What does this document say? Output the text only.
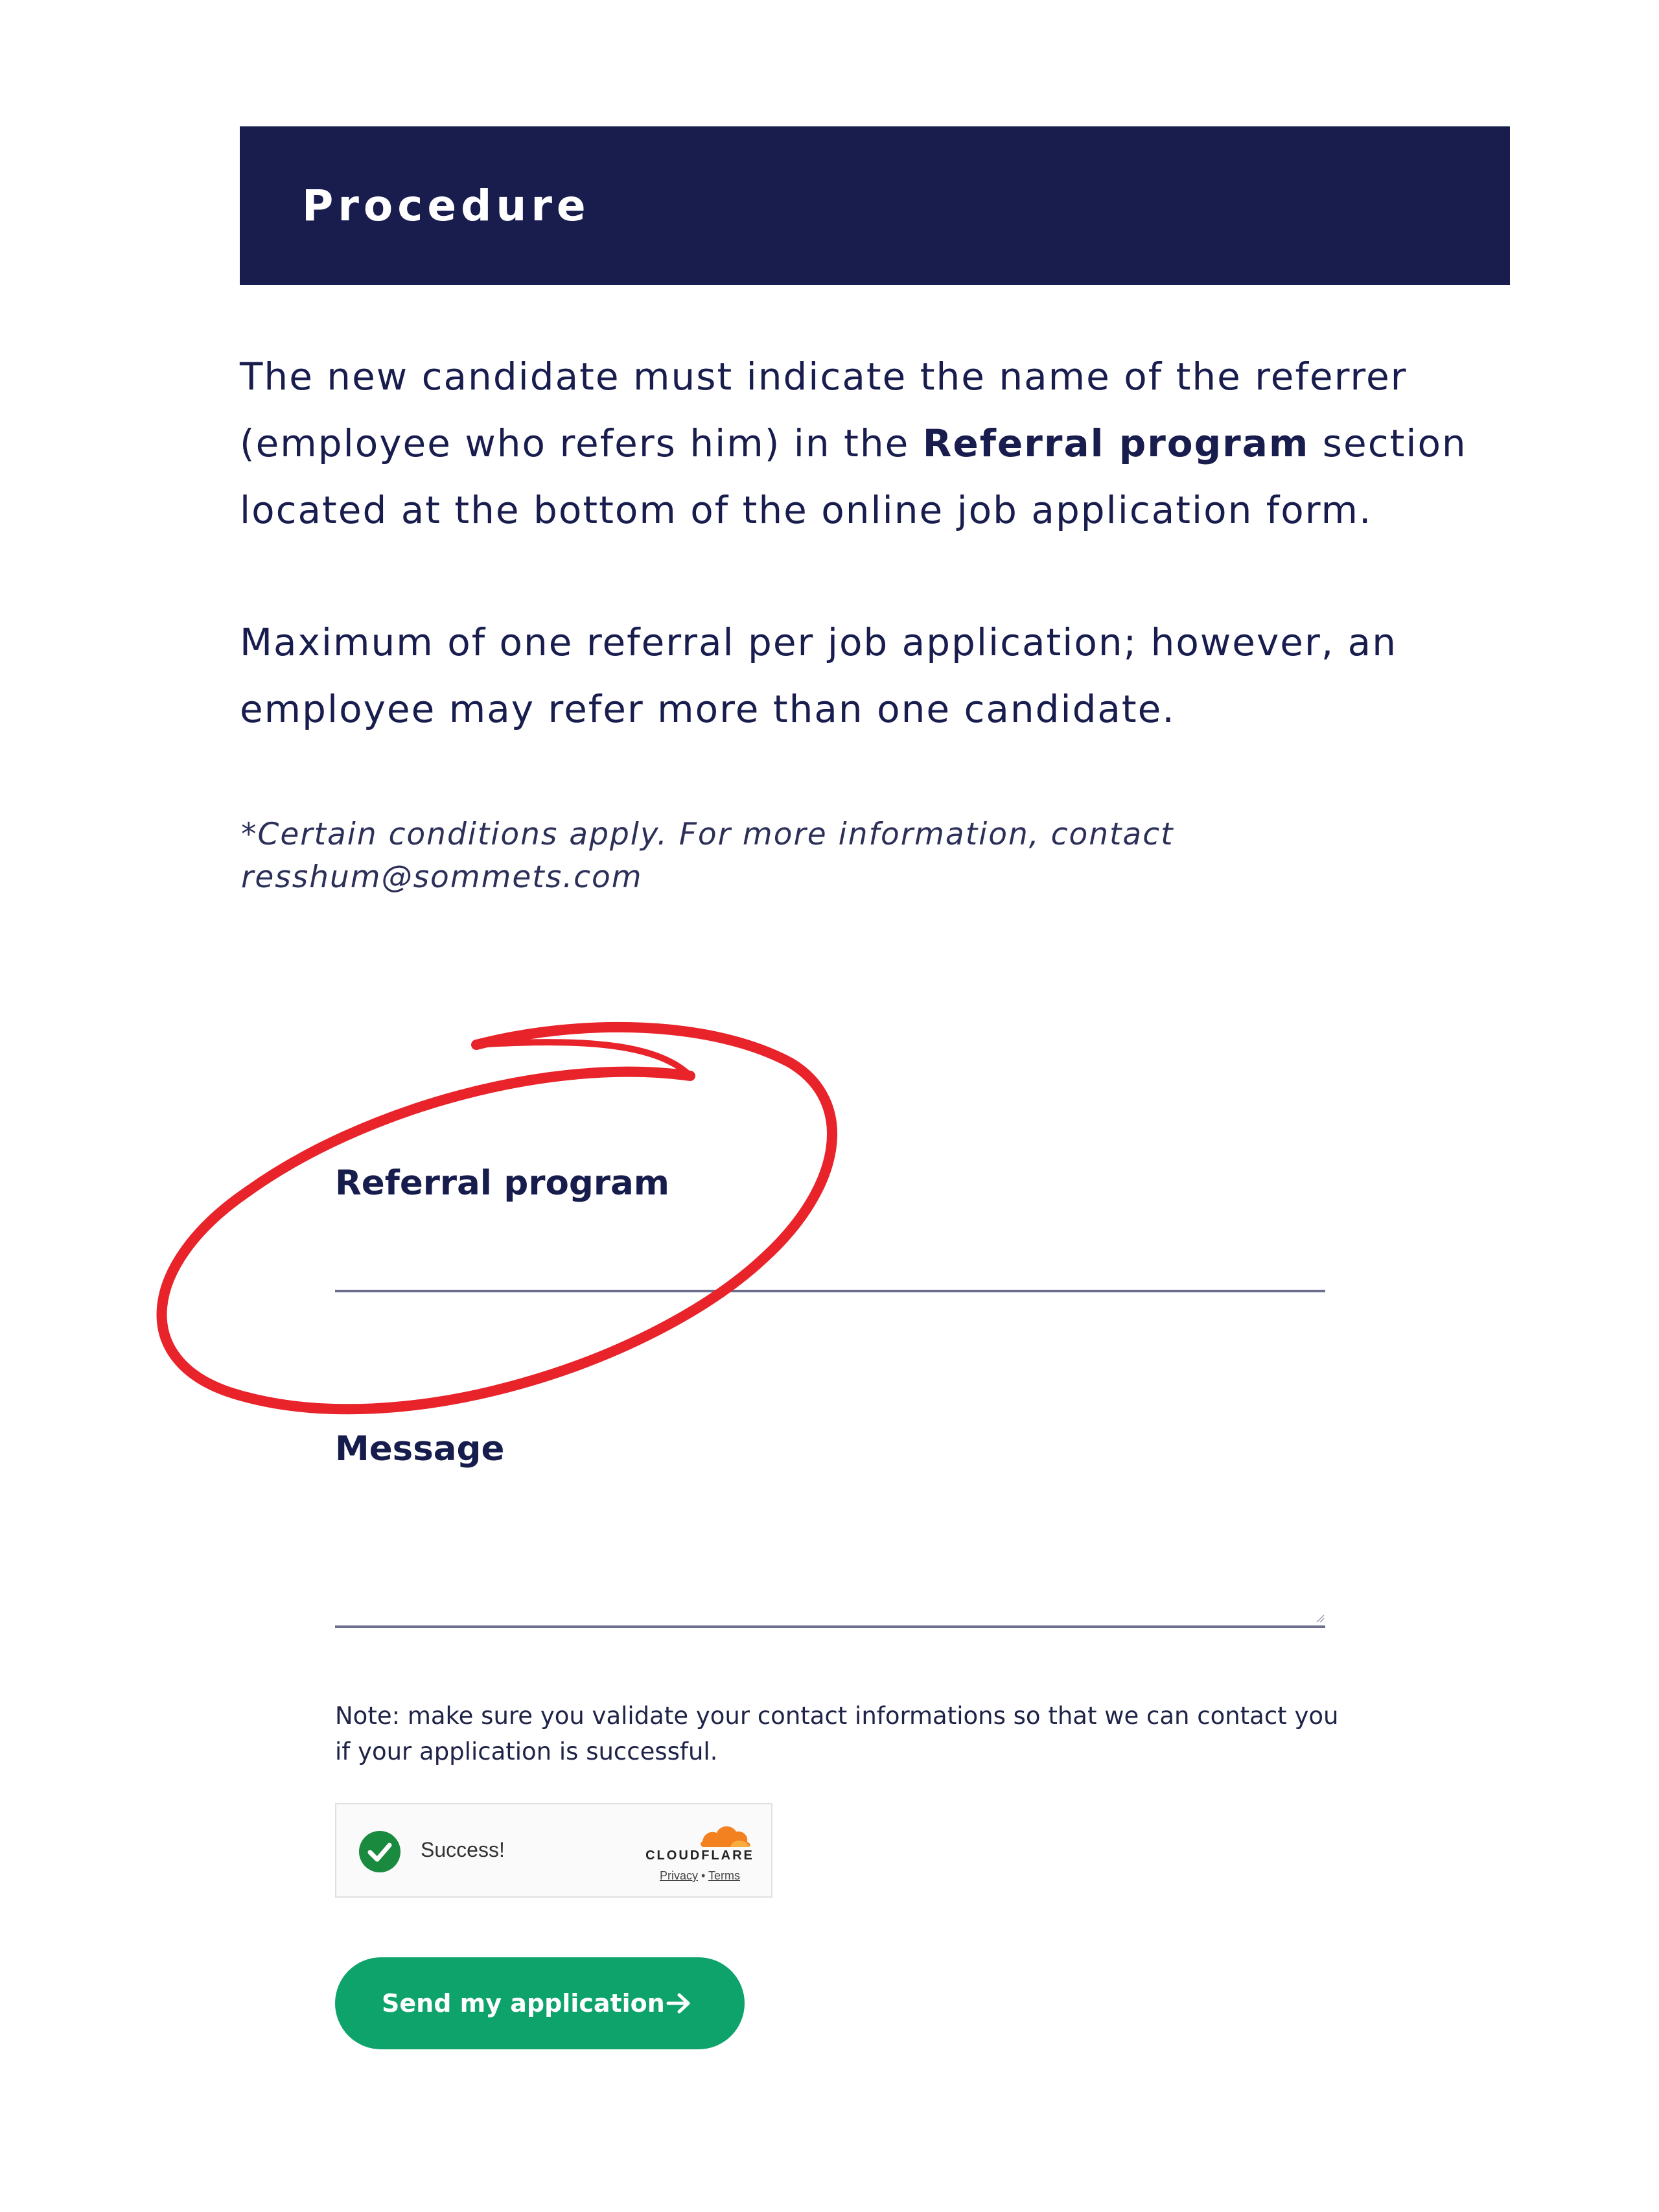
Procedure

The new candidate must indicate the name of the referrer (employee who refers him) in the Referral program section located at the bottom of the online job application form.

Maximum of one referral per job application; however, an employee may refer more than one candidate.

*Certain conditions apply. For more information, contact
resshum@sommets.com
Referral program
Message
Note: make sure you validate your contact informations so that we can contact you
if your application is successful.
Success!	CLOUDFLARE
Privacy • Terms
Send my application
